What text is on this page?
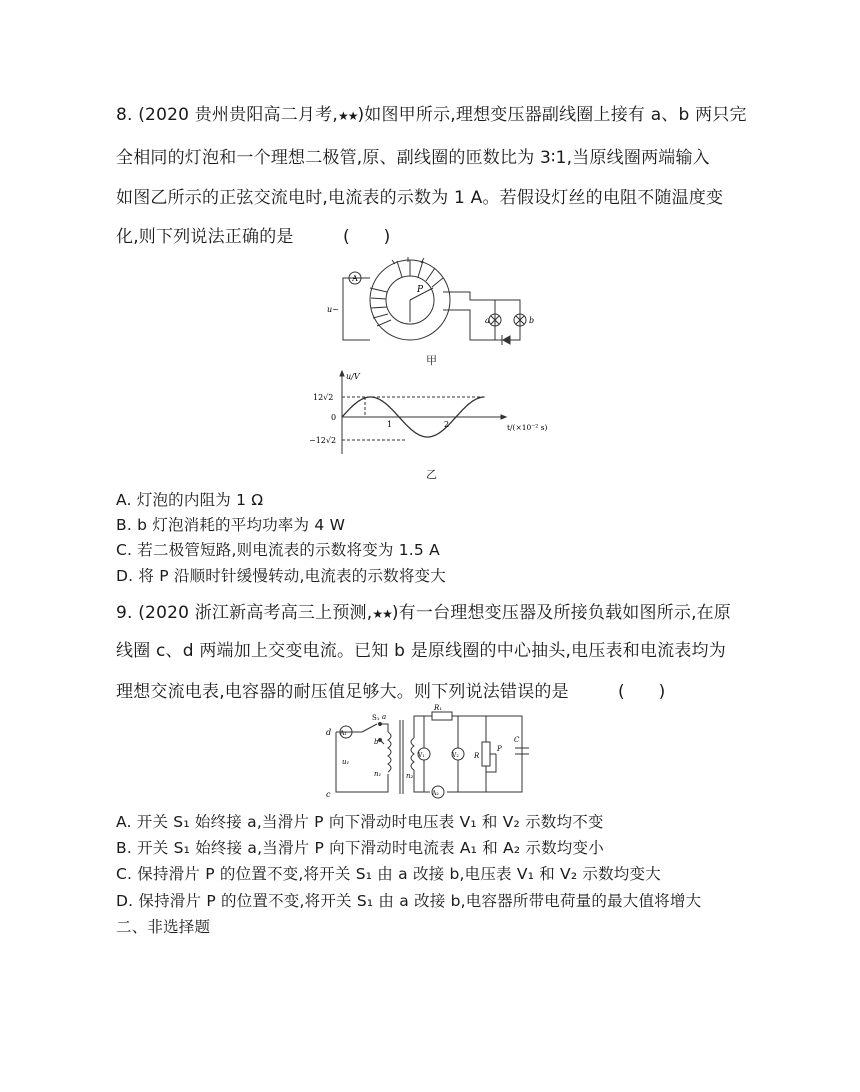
8. (2020 贵州贵阳高二月考,★★)如图甲所示,理想变压器副线圈上接有 a、b 两只完
全相同的灯泡和一个理想二极管,原、副线圈的匝数比为 3∶1,当原线圈两端输入
如图乙所示的正弦交流电时,电流表的示数为 1 A。若假设灯丝的电阻不随温度变
化,则下列说法正确的是	(　　)
A
u~
P
a	b
甲
u/V
t/(×10⁻² s)
12√2
0
−12√2
1	2
乙
A. 灯泡的内阻为 1 Ω
B. b 灯泡消耗的平均功率为 4 W
C. 若二极管短路,则电流表的示数将变为 1.5 A
D. 将 P 沿顺时针缓慢转动,电流表的示数将变大
9. (2020 浙江新高考高三上预测,★★)有一台理想变压器及所接负载如图所示,在原
线圈 c、d 两端加上交变电流。已知 b 是原线圈的中心抽头,电压表和电流表均为
理想交流电表,电容器的耐压值足够大。则下列说法错误的是	(　　)
d
c
S₁ a
b
u₁
n₁	n₂
R₁
R
P
C
A₁
A₂
V₁	V₂
A. 开关 S₁ 始终接 a,当滑片 P 向下滑动时电压表 V₁ 和 V₂ 示数均不变
B. 开关 S₁ 始终接 a,当滑片 P 向下滑动时电流表 A₁ 和 A₂ 示数均变小
C. 保持滑片 P 的位置不变,将开关 S₁ 由 a 改接 b,电压表 V₁ 和 V₂ 示数均变大
D. 保持滑片 P 的位置不变,将开关 S₁ 由 a 改接 b,电容器所带电荷量的最大值将增大
二、非选择题
